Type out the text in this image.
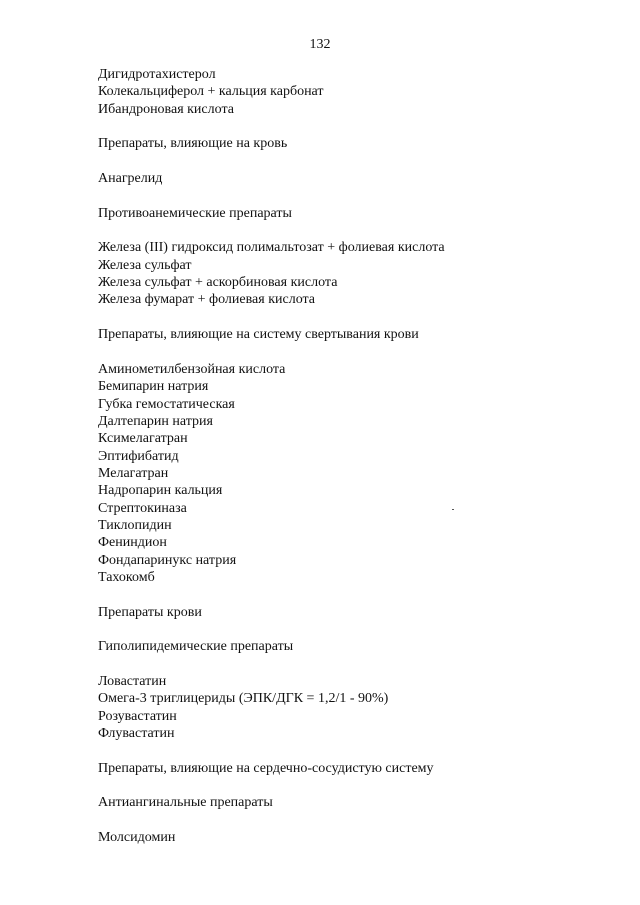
132
Дигидротахистерол
Колекальциферол + кальция карбонат
Ибандроновая кислота
Препараты, влияющие на кровь
Анагрелид
Противоанемические препараты
Железа (III) гидроксид полимальтозат + фолиевая кислота
Железа сульфат
Железа сульфат + аскорбиновая кислота
Железа фумарат + фолиевая кислота
Препараты, влияющие на систему свертывания крови
Аминометилбензойная кислота
Бемипарин натрия
Губка гемостатическая
Далтепарин натрия
Ксимелагатран
Эптифибатид
Мелагатран
Надропарин кальция
Стрептокиназа
Тиклопидин
Фениндион
Фондапаринукс натрия
Тахокомб
Препараты крови
Гиполипидемические препараты
Ловастатин
Омега-3 триглицериды (ЭПК/ДГК = 1,2/1 - 90%)
Розувастатин
Флувастатин
Препараты, влияющие на сердечно-сосудистую систему
Антиангинальные препараты
Молсидомин
